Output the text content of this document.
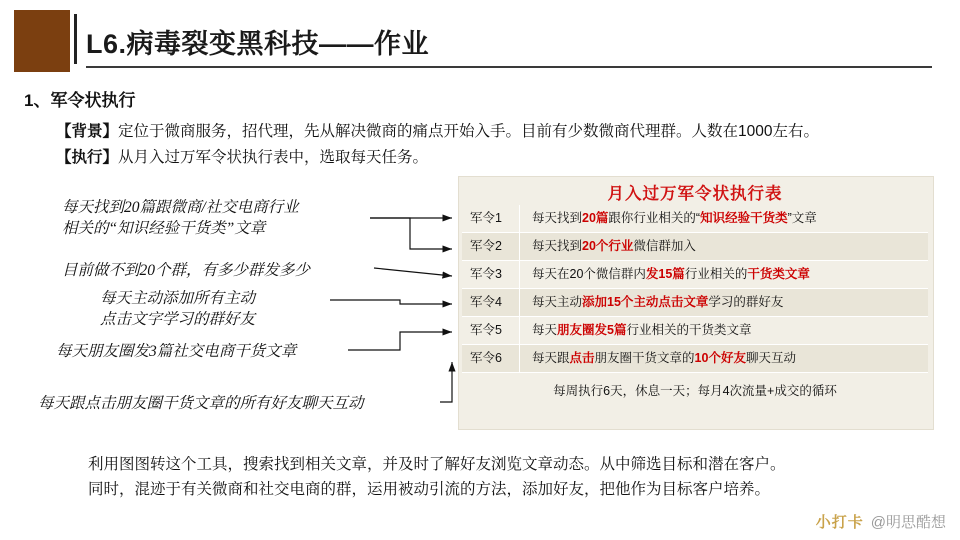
L6.病毒裂变黑科技——作业
1、军令状执行
【背景】定位于微商服务，招代理，先从解决微商的痛点开始入手。目前有少数微商代理群。人数在1000左右。
【执行】从月入过万军令状执行表中，选取每天任务。
每天找到20篇跟微商/社交电商行业
相关的“知识经验干货类”文章
目前做不到20个群，有多少群发多少
每天主动添加所有主动
点击文字学习的群好友
每天朋友圈发3篇社交电商干货文章
每天跟点击朋友圈干货文章的所有好友聊天互动
月入过万军令状执行表
军令1	每天找到20篇跟你行业相关的“知识经验干货类”文章
军令2	每天找到20个行业微信群加入
军令3	每天在20个微信群内发15篇行业相关的干货类文章
军令4	每天主动添加15个主动点击文章学习的群好友
军令5	每天朋友圈发5篇行业相关的干货类文章
军令6	每天跟点击朋友圈干货文章的10个好友聊天互动
每周执行6天，休息一天；每月4次流量+成交的循环
利用图图转这个工具，搜索找到相关文章，并及时了解好友浏览文章动态。从中筛选目标和潜在客户。
同时，混迹于有关微商和社交电商的群，运用被动引流的方法，添加好友，把他作为目标客户培养。
小打卡 @明思酷想
